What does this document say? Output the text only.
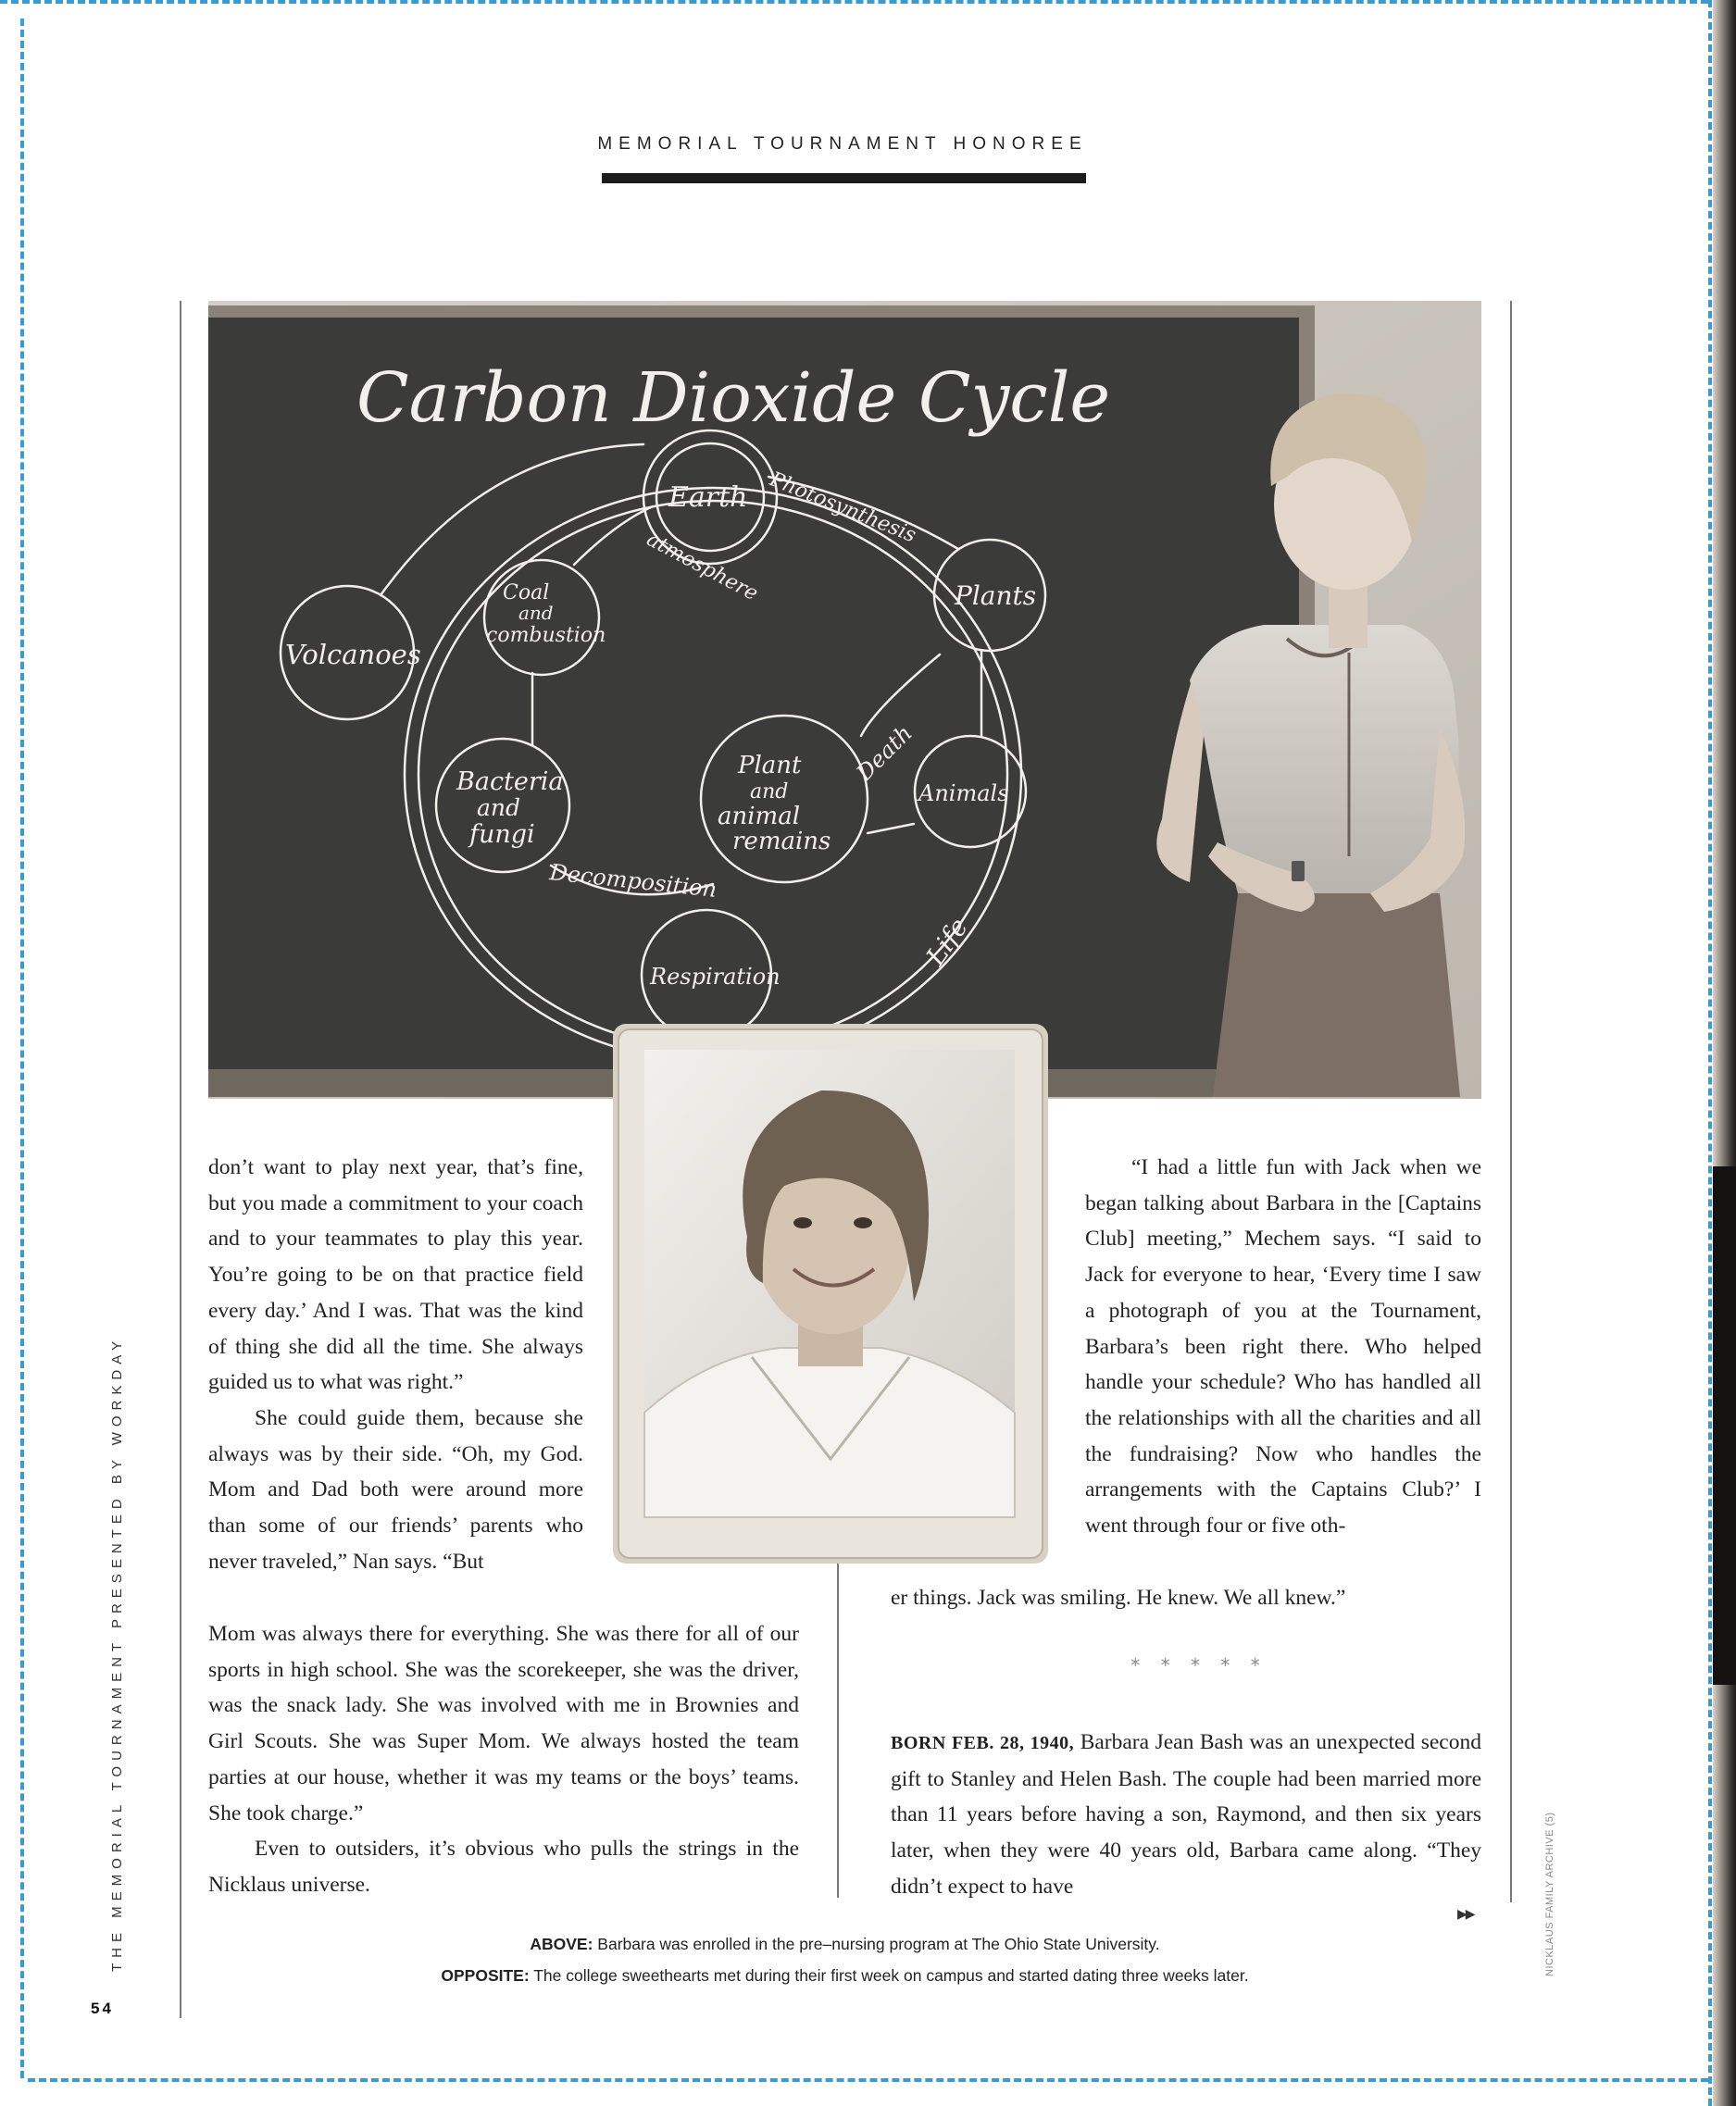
MEMORIAL TOURNAMENT HONOREE
THE MEMORIAL TOURNAMENT PRESENTED BY WORKDAY
54
NICKLAUS FAMILY ARCHIVE (5)
Carbon Dioxide Cycle
Earth
Plants
Volcanoes
Coal
and
combustion
Plant
and
animal
remains
Animals
Bacteria
and
fungi
Respiration
Photosynthesis
atmosphere
Death
Decomposition
Life

don’t want to play next year, that’s fine, but you made a commitment to your coach and to your teammates to play this year. You’re going to be on that practice field every day.’ And I was. That was the kind of thing she did all the time. She always guided us to what was right.”

She could guide them, because she always was by their side. “Oh, my God. Mom and Dad both were around more than some of our friends’ parents who never traveled,” Nan says. “But

Mom was always there for everything. She was there for all of our sports in high school. She was the scorekeeper, she was the driver, was the snack lady. She was involved with me in Brownies and Girl Scouts. She was Super Mom. We always hosted the team parties at our house, whether it was my teams or the boys’ teams. She took charge.”

Even to outsiders, it’s obvious who pulls the strings in the Nicklaus universe.

“I had a little fun with Jack when we began talking about Barbara in the [Captains Club] meeting,” Mechem says. “I said to Jack for everyone to hear, ‘Every time I saw a photograph of you at the Tournament, Barbara’s been right there. Who helped handle your schedule? Who has handled all the relationships with all the charities and all the fundraising? Now who handles the arrangements with the Captains Club?’ I went through four or five oth-

er things. Jack was smiling. He knew. We all knew.”

* * * * *

BORN FEB. 28, 1940, Barbara Jean Bash was an unexpected second gift to Stanley and Helen Bash. The couple had been married more than 11 years before having a son, Raymond, and then six years later, when they were 40 years old, Barbara came along. “They didn’t expect to have

▶▶
ABOVE: Barbara was enrolled in the pre–nursing program at The Ohio State University.
OPPOSITE: The college sweethearts met during their first week on campus and started dating three weeks later.
